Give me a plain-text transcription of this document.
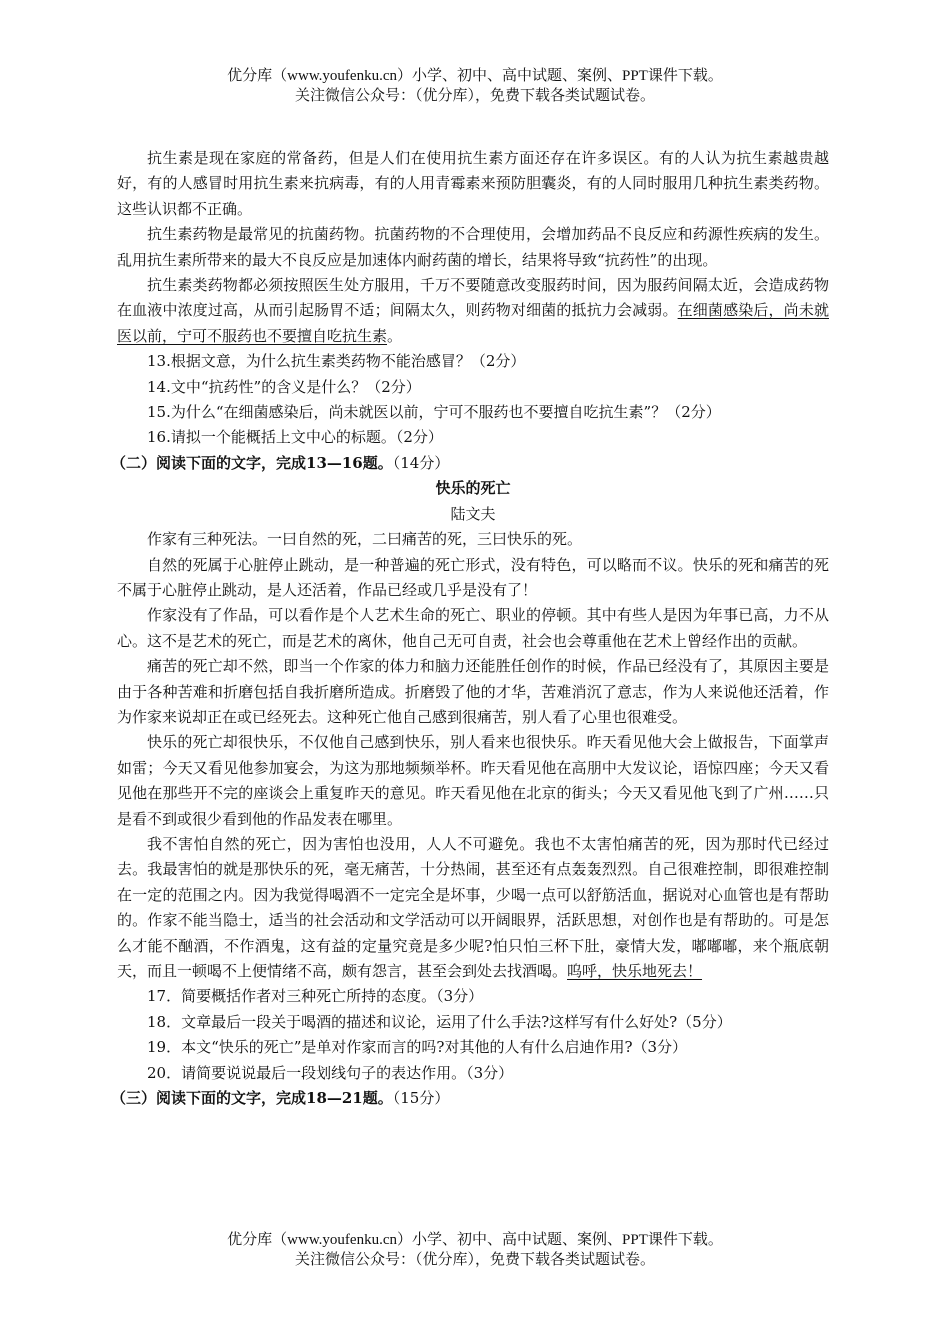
优分库（www.youfenku.cn）小学、初中、高中试题、案例、PPT课件下载。
关注微信公众号：（优分库），免费下载各类试题试卷。

抗生素是现在家庭的常备药，但是人们在使用抗生素方面还存在许多误区。有的人认为抗生素越贵越好，有的人感冒时用抗生素来抗病毒，有的人用青霉素来预防胆囊炎，有的人同时服用几种抗生素类药物。这些认识都不正确。

抗生素药物是最常见的抗菌药物。抗菌药物的不合理使用，会增加药品不良反应和药源性疾病的发生。乱用抗生素所带来的最大不良反应是加速体内耐药菌的增长，结果将导致“抗药性”的出现。

抗生素类药物都必须按照医生处方服用，千万不要随意改变服药时间，因为服药间隔太近，会造成药物在血液中浓度过高，从而引起肠胃不适；间隔太久，则药物对细菌的抵抗力会减弱。在细菌感染后，尚未就医以前，宁可不服药也不要擅自吃抗生素。

13.根据文意，为什么抗生素类药物不能治感冒？（2分）

14.文中“抗药性”的含义是什么？（2分）

15.为什么“在细菌感染后，尚未就医以前，宁可不服药也不要擅自吃抗生素”？（2分）

16.请拟一个能概括上文中心的标题。（2分）

（二）阅读下面的文字，完成13—16题。（14分）

快乐的死亡

陆文夫

作家有三种死法。一曰自然的死，二曰痛苦的死，三曰快乐的死。

自然的死属于心脏停止跳动，是一种普遍的死亡形式，没有特色，可以略而不议。快乐的死和痛苦的死不属于心脏停止跳动，是人还活着，作品已经或几乎是没有了！

作家没有了作品，可以看作是个人艺术生命的死亡、职业的停顿。其中有些人是因为年事已高，力不从心。这不是艺术的死亡，而是艺术的离休，他自己无可自责，社会也会尊重他在艺术上曾经作出的贡献。

痛苦的死亡却不然，即当一个作家的体力和脑力还能胜任创作的时候，作品已经没有了，其原因主要是由于各种苦难和折磨包括自我折磨所造成。折磨毁了他的才华，苦难消沉了意志，作为人来说他还活着，作为作家来说却正在或已经死去。这种死亡他自己感到很痛苦，别人看了心里也很难受。

快乐的死亡却很快乐，不仅他自己感到快乐，别人看来也很快乐。昨天看见他大会上做报告，下面掌声如雷；今天又看见他参加宴会，为这为那地频频举杯。昨天看见他在高朋中大发议论，语惊四座；今天又看见他在那些开不完的座谈会上重复昨天的意见。昨天看见他在北京的街头；今天又看见他飞到了广州……只是看不到或很少看到他的作品发表在哪里。

我不害怕自然的死亡，因为害怕也没用，人人不可避免。我也不太害怕痛苦的死，因为那时代已经过去。我最害怕的就是那快乐的死，毫无痛苦，十分热闹，甚至还有点轰轰烈烈。自己很难控制，即很难控制在一定的范围之内。因为我觉得喝酒不一定完全是坏事，少喝一点可以舒筋活血，据说对心血管也是有帮助的。作家不能当隐士，适当的社会活动和文学活动可以开阔眼界，活跃思想，对创作也是有帮助的。可是怎么才能不酗酒，不作酒鬼，这有益的定量究竟是多少呢?怕只怕三杯下肚，豪情大发，嘟嘟嘟，来个瓶底朝天，而且一顿喝不上便情绪不高，颇有怨言，甚至会到处去找酒喝。呜呼，快乐地死去！

17．简要概括作者对三种死亡所持的态度。（3分）

18．文章最后一段关于喝酒的描述和议论，运用了什么手法?这样写有什么好处?（5分）

19．本文“快乐的死亡”是单对作家而言的吗?对其他的人有什么启迪作用?（3分）

20．请简要说说最后一段划线句子的表达作用。（3分）

（三）阅读下面的文字，完成18—21题。（15分）

优分库（www.youfenku.cn）小学、初中、高中试题、案例、PPT课件下载。
关注微信公众号：（优分库），免费下载各类试题试卷。
